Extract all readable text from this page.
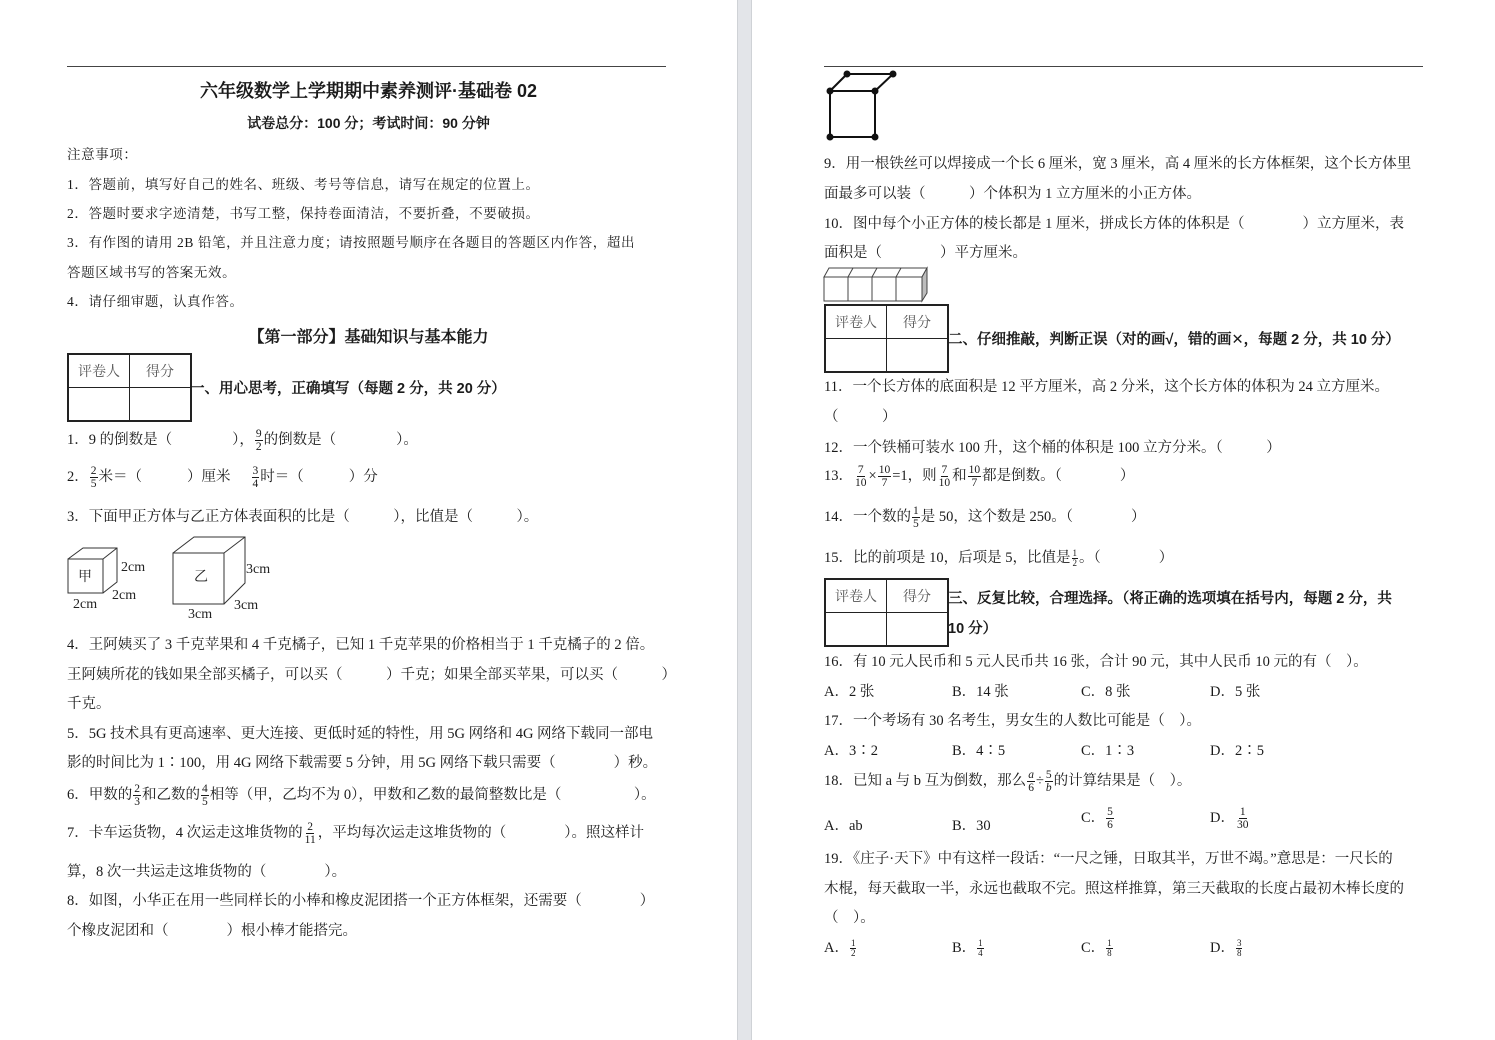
六年级数学上学期期中素养测评·基础卷 02
试卷总分：100 分；考试时间：90 分钟
注意事项：
1．答题前，填写好自己的姓名、班级、考号等信息，请写在规定的位置上。
2．答题时要求字迹清楚，书写工整，保持卷面清洁，不要折叠，不要破损。
3．有作图的请用 2B 铅笔，并且注意力度；请按照题号顺序在各题目的答题区内作答，超出
答题区域书写的答案无效。
4．请仔细审题，认真作答。
【第一部分】基础知识与基本能力
评卷人	得分

一、用心思考，正确填写（每题 2 分，共 20 分）
1．9 的倒数是（	）， $\frac{9}{2}$ 的倒数是（	）。
2． $\frac{2}{5}$ 米＝（	）厘米 $\frac{3}{4}$ 时＝（	）分
3．下面甲正方体与乙正方体表面积的比是（　　　），比值是（　　　）。
甲
2cm
2cm
2cm
乙
3cm
3cm
3cm
4．王阿姨买了 3 千克苹果和 4 千克橘子，已知 1 千克苹果的价格相当于 1 千克橘子的 2 倍。
王阿姨所花的钱如果全部买橘子，可以买（　　　）千克；如果全部买苹果，可以买（　　　）
千克。
5．5G 技术具有更高速率、更大连接、更低时延的特性，用 5G 网络和 4G 网络下载同一部电
影的时间比为 1∶100，用 4G 网络下载需要 5 分钟，用 5G 网络下载只需要（　　　　）秒。
6．甲数的 $\frac{2}{3}$ 和乙数的 $\frac{4}{5}$ 相等（甲，乙均不为 0），甲数和乙数的最简整数比是（　　　　　）。
7．卡车运货物，4 次运走这堆货物的 $\frac{2}{11}$ ，平均每次运走这堆货物的（　　　　）。照这样计
算，8 次一共运走这堆货物的（　　　　）。
8．如图，小华正在用一些同样长的小棒和橡皮泥团搭一个正方体框架，还需要（　　　　）
个橡皮泥团和（　　　　）根小棒才能搭完。
9．用一根铁丝可以焊接成一个长 6 厘米，宽 3 厘米，高 4 厘米的长方体框架，这个长方体里
面最多可以装（　　　）个体积为 1 立方厘米的小正方体。
10．图中每个小正方体的棱长都是 1 厘米，拼成长方体的体积是（　　　　）立方厘米，表
面积是（　　　　）平方厘米。
评卷人	得分

二、仔细推敲，判断正误（对的画√，错的画✕，每题 2 分，共 10 分）
11．一个长方体的底面积是 12 平方厘米，高 2 分米，这个长方体的体积为 24 立方厘米。
（　　　）
12．一个铁桶可装水 100 升，这个桶的体积是 100 立方分米。（　　　）
13． $\frac{7}{10} \times \frac{10}{7} =1$，则 $\frac{7}{10}$ 和 $\frac{10}{7}$ 都是倒数。（　　　　）
14．一个数的 $\frac{1}{5}$ 是 50，这个数是 250。（　　　　）
15．比的前项是 10，后项是 5，比值是 $\frac{1}{2}$ 。（　　　　）
评卷人	得分
	三、反复比较，合理选择。（将正确的选项填在括号内，每题 2 分，共
10 分）
16．有 10 元人民币和 5 元人民币共 16 张，合计 90 元，其中人民币 10 元的有（　）。
A．2 张	B．14 张	C．8 张	D．5 张
17．一个考场有 30 名考生，男女生的人数比可能是（　）。
A．3∶2	B．4∶5	C．1∶3	D．2∶5
18．已知 a 与 b 互为倒数，那么 $\frac{a}{6} \div \frac{5}{b}$ 的计算结果是（　）。
A．ab	B．30	C． $\frac{5}{6}$	D． $\frac{1}{30}$
19．《庄子·天下》中有这样一段话：“一尺之锤，日取其半，万世不竭。”意思是：一尺长的
木棍，每天截取一半，永远也截取不完。照这样推算，第三天截取的长度占最初木棒长度的
（　）。
A． $\frac{1}{2}$	B． $\frac{1}{4}$	C． $\frac{1}{8}$	D． $\frac{3}{8}$
